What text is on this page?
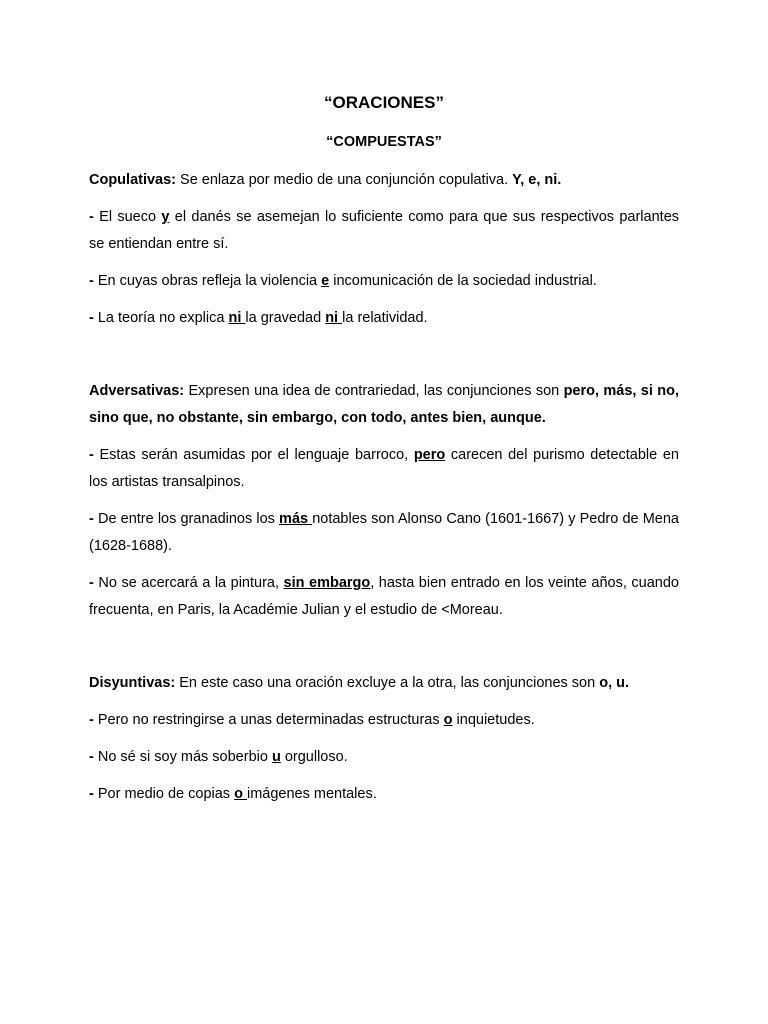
“ORACIONES”

“COMPUESTAS”

Copulativas: Se enlaza por medio de una conjunción copulativa. Y, e, ni.

- El sueco y el danés se asemejan lo suficiente como para que sus respectivos parlantes se entiendan entre sí.

- En cuyas obras refleja la violencia e incomunicación de la sociedad industrial.

- La teoría no explica ni la gravedad ni la relatividad.

Adversativas: Expresen una idea de contrariedad, las conjunciones son pero, más, si no, sino que, no obstante, sin embargo, con todo, antes bien, aunque.

- Estas serán asumidas por el lenguaje barroco, pero carecen del purismo detectable en los artistas transalpinos.

- De entre los granadinos los más notables son Alonso Cano (1601-1667) y Pedro de Mena (1628-1688).

- No se acercará a la pintura, sin embargo, hasta bien entrado en los veinte años, cuando frecuenta, en Paris, la Académie Julian y el estudio de <Moreau.

Disyuntivas: En este caso una oración excluye a la otra, las conjunciones son o, u.

- Pero no restringirse a unas determinadas estructuras o inquietudes.

- No sé si soy más soberbio u orgulloso.

- Por medio de copias o imágenes mentales.
